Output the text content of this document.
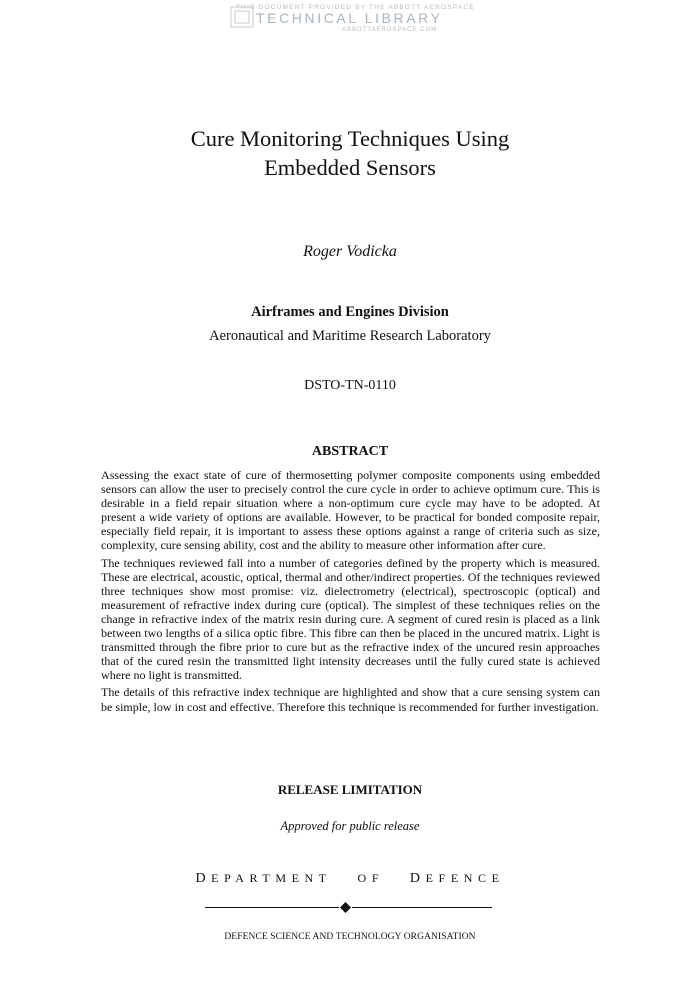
THIS DOCUMENT PROVIDED BY THE ABBOTT AEROSPACE
TECHNICAL LIBRARY
ABBOTTAEROSPACE.COM
Cure Monitoring Techniques Using
Embedded Sensors
Roger Vodicka
Airframes and Engines Division
Aeronautical and Maritime Research Laboratory
DSTO-TN-0110
ABSTRACT

Assessing the exact state of cure of thermosetting polymer composite components using embedded sensors can allow the user to precisely control the cure cycle in order to achieve optimum cure. This is desirable in a field repair situation where a non-optimum cure cycle may have to be adopted. At present a wide variety of options are available. However, to be practical for bonded composite repair, especially field repair, it is important to assess these options against a range of criteria such as size, complexity, cure sensing ability, cost and the ability to measure other information after cure.

The techniques reviewed fall into a number of categories defined by the property which is measured. These are electrical, acoustic, optical, thermal and other/indirect properties. Of the techniques reviewed three techniques show most promise: viz. dielectrometry (electrical), spectroscopic (optical) and measurement of refractive index during cure (optical). The simplest of these techniques relies on the change in refractive index of the matrix resin during cure. A segment of cured resin is placed as a link between two lengths of a silica optic fibre. This fibre can then be placed in the uncured matrix. Light is transmitted through the fibre prior to cure but as the refractive index of the uncured resin approaches that of the cured resin the transmitted light intensity decreases until the fully cured state is achieved where no light is transmitted.

The details of this refractive index technique are highlighted and show that a cure sensing system can be simple, low in cost and effective. Therefore this technique is recommended for further investigation.

RELEASE LIMITATION
Approved for public release
DEPARTMENT OF DEFENCE
DEFENCE SCIENCE AND TECHNOLOGY ORGANISATION
